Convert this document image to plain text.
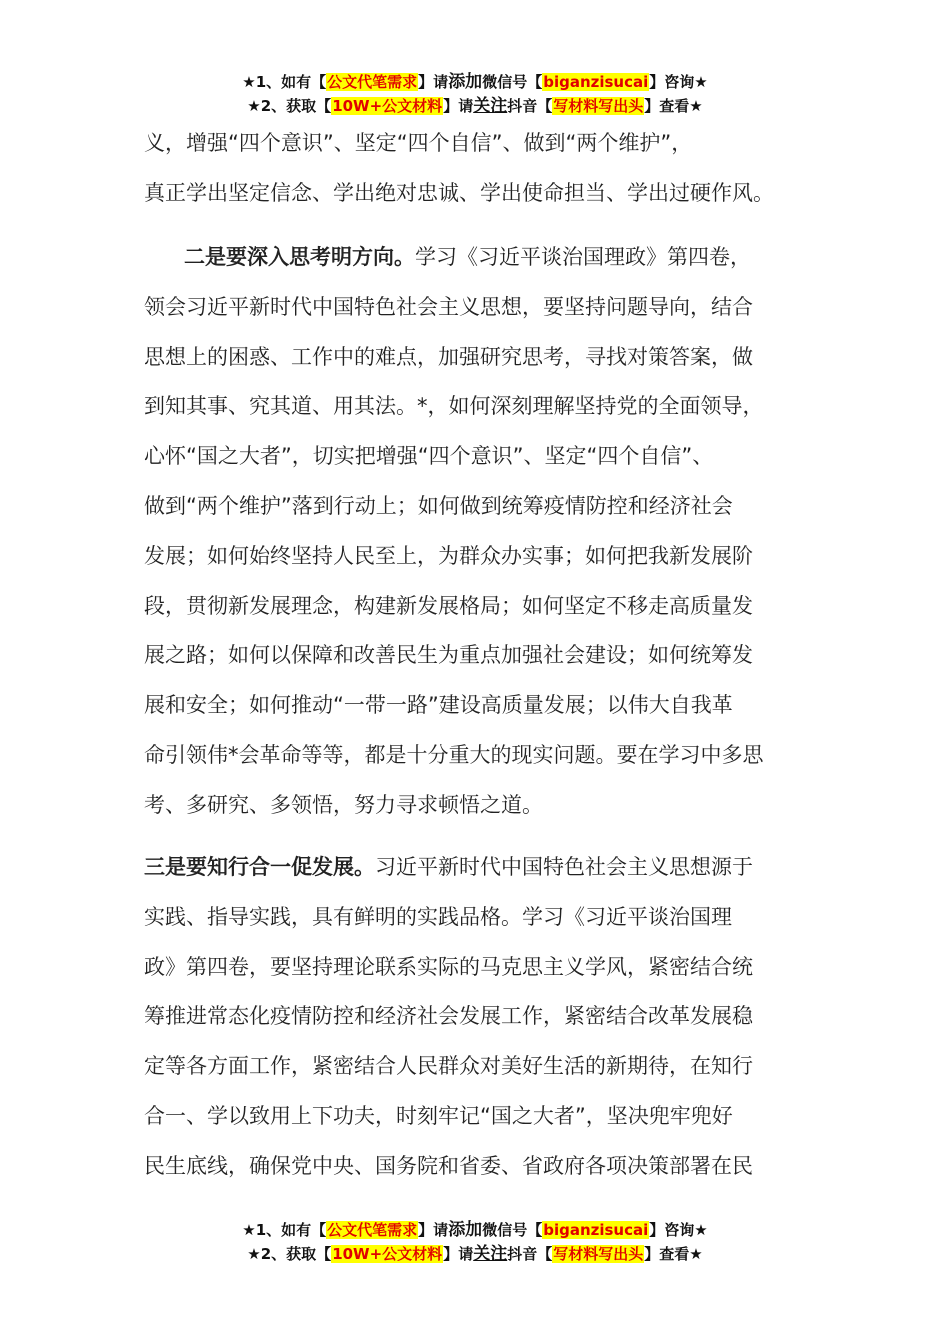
★1、如有【公文代笔需求】请添加微信号【biganzisucai】咨询★
★2、获取【10W+公文材料】请关注抖音【写材料写出头】查看★

义，增强“四个意识”、坚定“四个自信”、做到“两个维护”，

真正学出坚定信念、学出绝对忠诚、学出使命担当、学出过硬作风。

二是要深入思考明方向。学习《习近平谈治国理政》第四卷，

领会习近平新时代中国特色社会主义思想，要坚持问题导向，结合

思想上的困惑、工作中的难点，加强研究思考，寻找对策答案，做

到知其事、究其道、用其法。*，如何深刻理解坚持党的全面领导，

心怀“国之大者”，切实把增强“四个意识”、坚定“四个自信”、

做到“两个维护”落到行动上；如何做到统筹疫情防控和经济社会

发展；如何始终坚持人民至上，为群众办实事；如何把我新发展阶

段，贯彻新发展理念，构建新发展格局；如何坚定不移走高质量发

展之路；如何以保障和改善民生为重点加强社会建设；如何统筹发

展和安全；如何推动“一带一路”建设高质量发展；以伟大自我革

命引领伟*会革命等等，都是十分重大的现实问题。要在学习中多思

考、多研究、多领悟，努力寻求顿悟之道。

三是要知行合一促发展。习近平新时代中国特色社会主义思想源于

实践、指导实践，具有鲜明的实践品格。学习《习近平谈治国理

政》第四卷，要坚持理论联系实际的马克思主义学风，紧密结合统

筹推进常态化疫情防控和经济社会发展工作，紧密结合改革发展稳

定等各方面工作，紧密结合人民群众对美好生活的新期待，在知行

合一、学以致用上下功夫，时刻牢记“国之大者”，坚决兜牢兜好

民生底线，确保党中央、国务院和省委、省政府各项决策部署在民

★1、如有【公文代笔需求】请添加微信号【biganzisucai】咨询★
★2、获取【10W+公文材料】请关注抖音【写材料写出头】查看★
